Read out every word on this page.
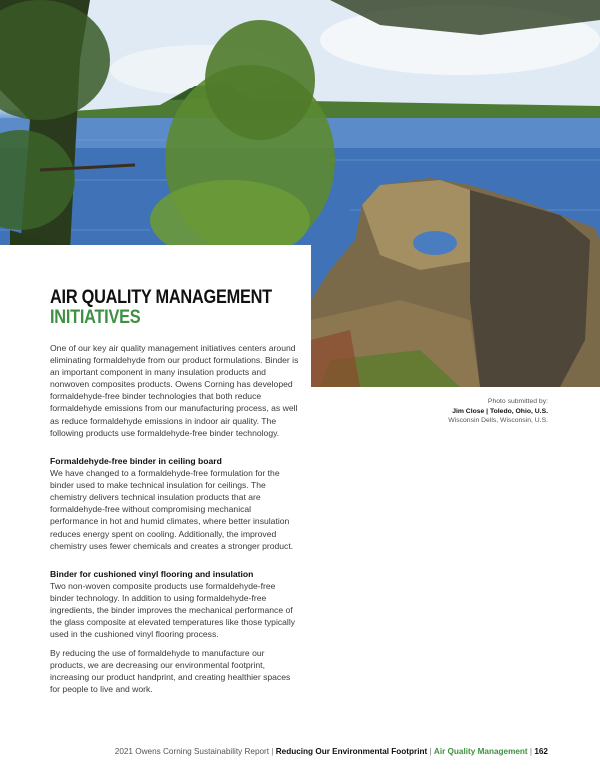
AIR QUALITY MANAGEMENT
INITIATIVES

One of our key air quality management initiatives centers around eliminating formaldehyde from our product formulations. Binder is an important component in many insulation products and nonwoven composites products. Owens Corning has developed formaldehyde-free binder technologies that both reduce formaldehyde emissions from our manufacturing process, as well as reduce formaldehyde emissions in indoor air quality. The following products use formaldehyde-free binder technology.

Formaldehyde-free binder in ceiling board

We have changed to a formaldehyde-free formulation for the binder used to make technical insulation for ceilings. The chemistry delivers technical insulation products that are formaldehyde-free without compromising mechanical performance in hot and humid climates, where better insulation reduces energy spent on cooling. Additionally, the improved chemistry uses fewer chemicals and creates a stronger product.

Binder for cushioned vinyl flooring and insulation

Two non-woven composite products use formaldehyde-free binder technology. In addition to using formaldehyde-free ingredients, the binder improves the mechanical performance of the glass composite at elevated temperatures like those typically used in the cushioned vinyl flooring process.

By reducing the use of formaldehyde to manufacture our products, we are decreasing our environmental footprint, increasing our product handprint, and creating healthier spaces for people to live and work.

Photo submitted by:
Jim Close | Toledo, Ohio, U.S.
Wisconsin Dells, Wisconsin, U.S.
2021 Owens Corning Sustainability Report | Reducing Our Environmental Footprint | Air Quality Management | 162
